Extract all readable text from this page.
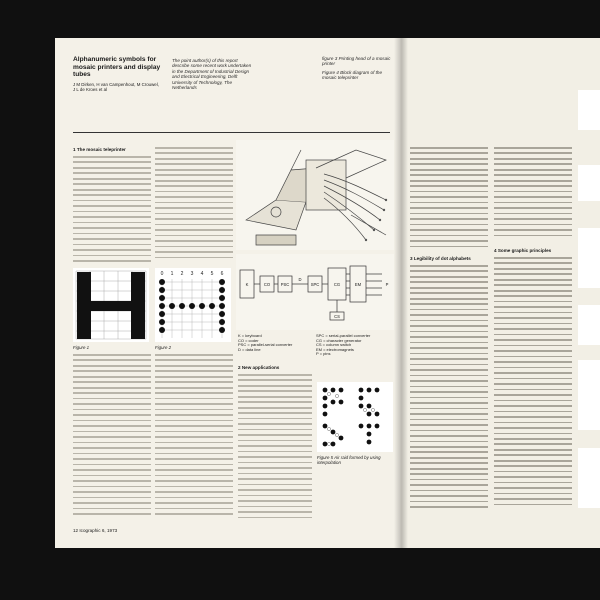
Alphanumeric symbols for mosaic printers and display tubes
J M Dirken, H van Campenhout, M Crouwel, J L de Kroes et al
The point author(s) of this report describe some recent work undertaken in the Department of Industrial Design and Electrical Engineering, Delft University of Technology, The Netherlands
figure 3 Printing head of a mosaic printer
Figure 4 Block diagram of the mosaic teleprinter
1 The mosaic teleprinter
Figure 1
0 1 2 3 4 5 6
Figure 2
K	CO	PSC	SPC	CG	EM
D
CS
P
K = keyboard
CO = coder
PSC = parallel-serial converter
D = data line
SPC = serial-parallel converter
CG = character generator
CS = column switch
EM = electromagnets
P = pins
2 New applications
Figure 5 Air raid formed by using interpolation
12 Icographic 6, 1973
3 Legibility of dot alphabets
4 Some graphic principles
